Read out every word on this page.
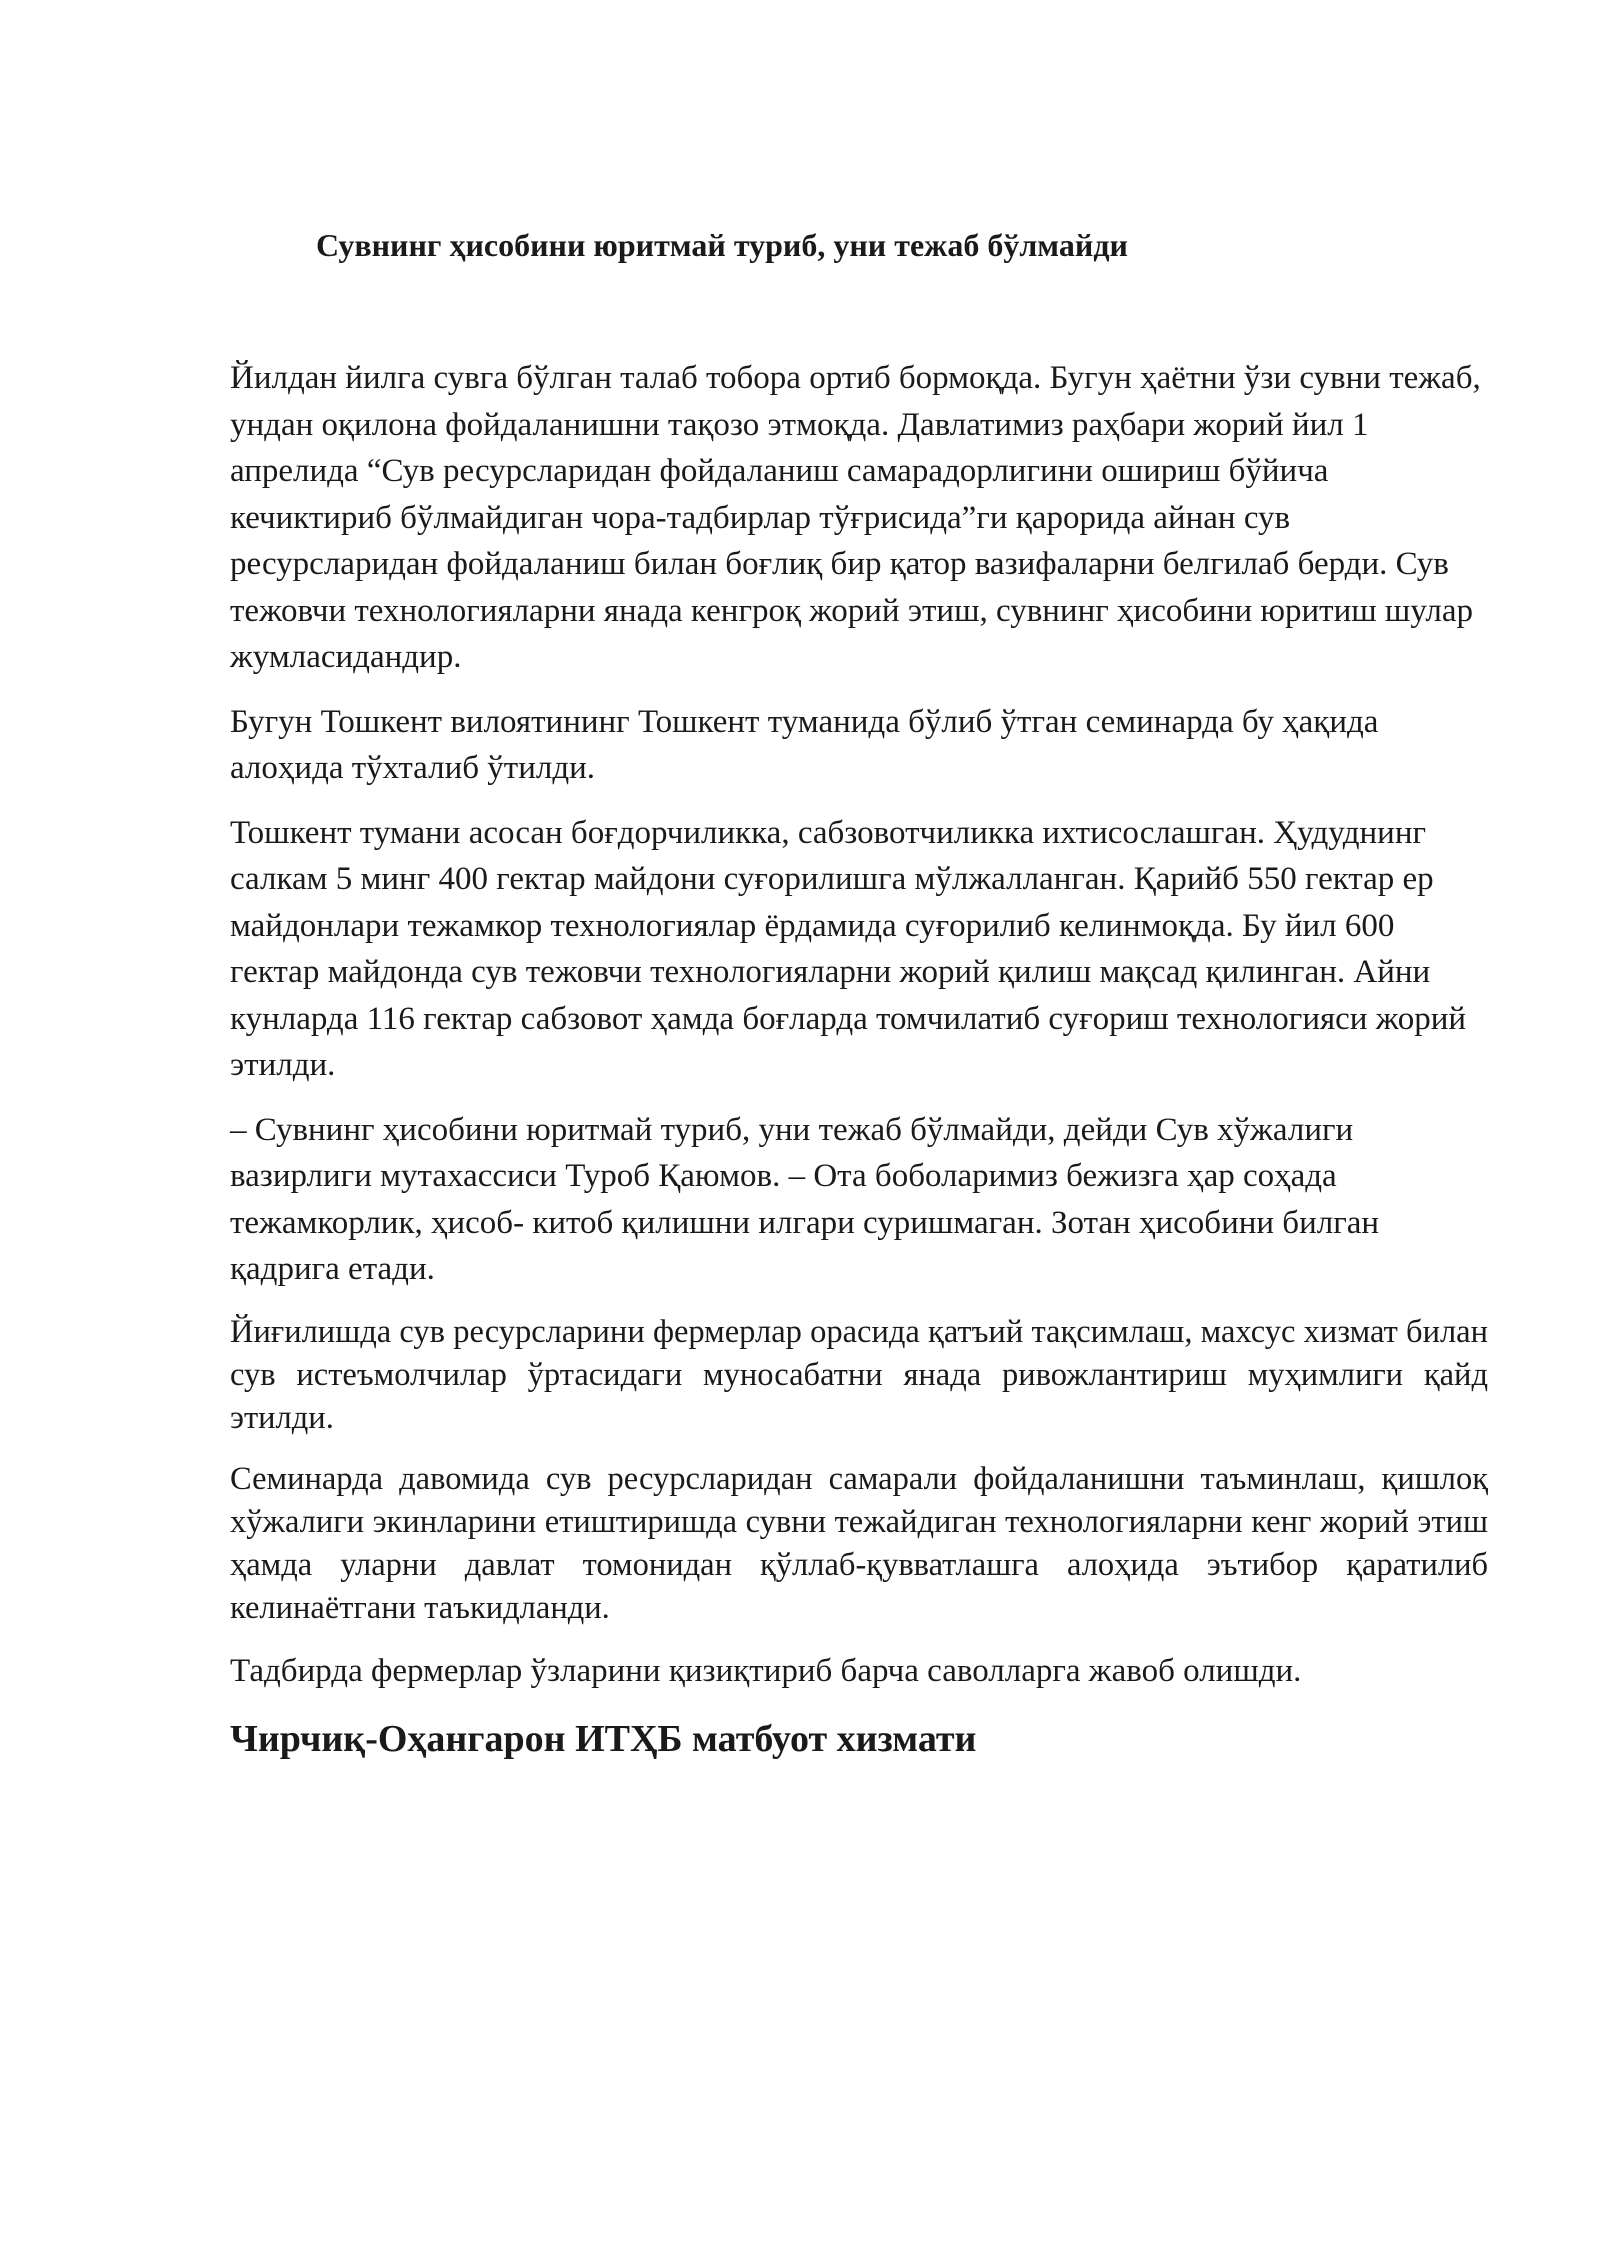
Сувнинг ҳисобини юритмай туриб, уни тежаб бўлмайди

Йилдан йилга сувга бўлган талаб тобора ортиб бормоқда. Бугун ҳаётни ўзи сувни тежаб, ундан оқилона фойдаланишни тақозо этмоқда. Давлатимиз раҳбари жорий йил 1 апрелида “Сув ресурсларидан фойдаланиш самарадорлигини ошириш бўйича кечиктириб бўлмайдиган чора-тадбирлар тўғрисида”ги қарорида айнан сув ресурсларидан фойдаланиш билан боғлиқ бир қатор вазифаларни белгилаб берди. Сув тежовчи технологияларни янада кенгроқ жорий этиш, сувнинг ҳисобини юритиш шулар жумласидандир.

Бугун Тошкент вилоятининг Тошкент туманида бўлиб ўтган семинарда бу ҳақида алоҳида тўхталиб ўтилди.

Тошкент тумани асосан боғдорчиликка, сабзовотчиликка ихтисослашган. Ҳудуднинг салкам 5 минг 400 гектар майдони суғорилишга мўлжалланган. Қарийб 550 гектар ер майдонлари тежамкор технологиялар ёрдамида суғорилиб келинмоқда. Бу йил 600 гектар майдонда сув тежовчи технологияларни жорий қилиш мақсад қилинган. Айни кунларда 116 гектар сабзовот ҳамда боғларда томчилатиб суғориш технологияси жорий этилди.

– Сувнинг ҳисобини юритмай туриб, уни тежаб бўлмайди, дейди Сув хўжалиги вазирлиги мутахассиси Туроб Қаюмов. – Ота боболаримиз бежизга ҳар соҳада тежамкорлик, ҳисоб- китоб қилишни илгари суришмаган. Зотан ҳисобини билган қадрига етади.

Йиғилишда сув ресурсларини фермерлар орасида қатъий тақсимлаш, махсус хизмат билан сув истеъмолчилар ўртасидаги муносабатни янада ривожлантириш муҳимлиги қайд этилди.

Семинарда давомида сув ресурсларидан самарали фойдаланишни таъминлаш, қишлоқ хўжалиги экинларини етиштиришда сувни тежайдиган технологияларни кенг жорий этиш ҳамда уларни давлат томонидан қўллаб-қувватлашга алоҳида эътибор қаратилиб келинаётгани таъкидланди.

Тадбирда фермерлар ўзларини қизиқтириб барча саволларга жавоб олишди.

Чирчиқ-Оҳангарон ИТҲБ матбуот хизмати
